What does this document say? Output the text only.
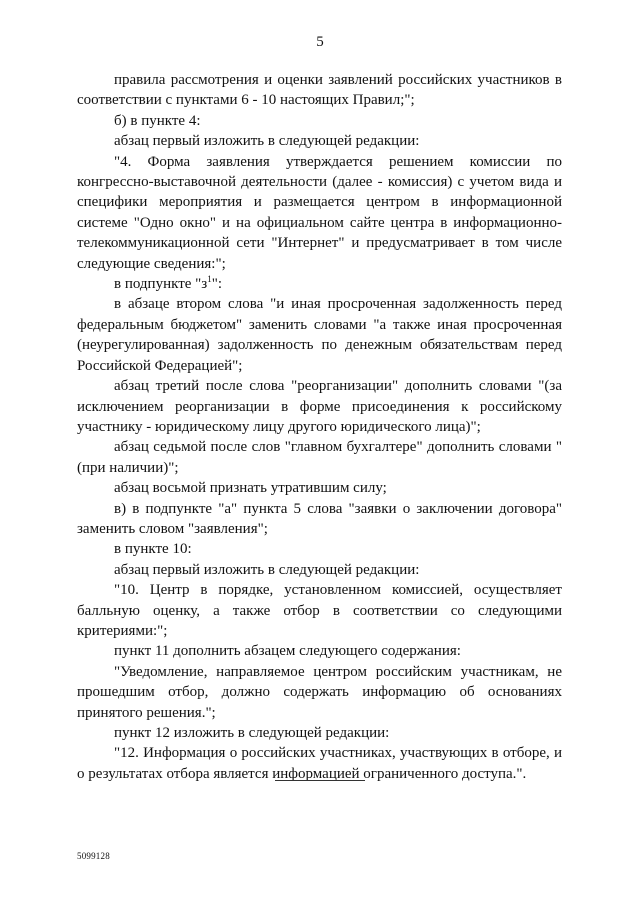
5

правила рассмотрения и оценки заявлений российских участников в соответствии с пунктами 6 - 10 настоящих Правил;";

б) в пункте 4:

абзац первый изложить в следующей редакции:

"4. Форма заявления утверждается решением комиссии по конгрессно-выставочной деятельности (далее - комиссия) с учетом вида и специфики мероприятия и размещается центром в информационной системе "Одно окно" и на официальном сайте центра в информационно-телекоммуникационной сети "Интернет" и предусматривает в том числе следующие сведения:";

в подпункте "$з^1$":

в абзаце втором слова "и иная просроченная задолженность перед федеральным бюджетом" заменить словами "а также иная просроченная (неурегулированная) задолженность по денежным обязательствам перед Российской Федерацией";

абзац третий после слова "реорганизации" дополнить словами "(за исключением реорганизации в форме присоединения к российскому участнику - юридическому лицу другого юридического лица)";

абзац седьмой после слов "главном бухгалтере" дополнить словами "(при наличии)";

абзац восьмой признать утратившим силу;

в) в подпункте "а" пункта 5 слова "заявки о заключении договора" заменить словом "заявления";

в пункте 10:

абзац первый изложить в следующей редакции:

"10. Центр в порядке, установленном комиссией, осуществляет балльную оценку, а также отбор в соответствии со следующими критериями:";

пункт 11 дополнить абзацем следующего содержания:

"Уведомление, направляемое центром российским участникам, не прошедшим отбор, должно содержать информацию об основаниях принятого решения.";

пункт 12 изложить в следующей редакции:

"12. Информация о российских участниках, участвующих в отборе, и о результатах отбора является информацией ограниченного доступа.".

5099128
